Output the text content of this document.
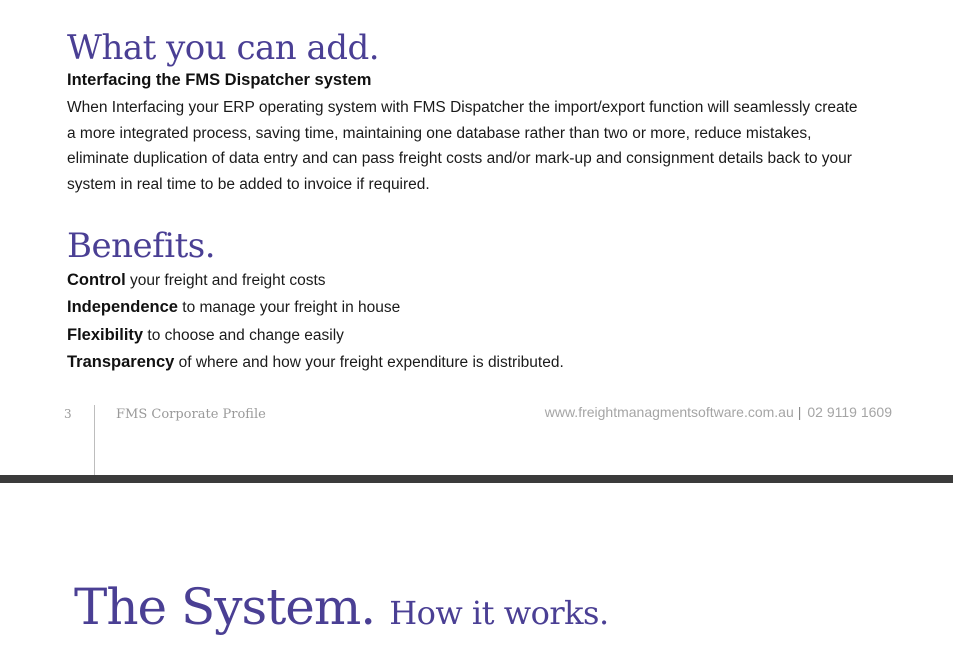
What you can add.
Interfacing the FMS Dispatcher system

When Interfacing your ERP operating system with FMS Dispatcher the import/export function will seamlessly create a more integrated process, saving time, maintaining one database rather than two or more, reduce mistakes, eliminate duplication of data entry and can pass freight costs and/or mark-up and consignment details back to your system in real time to be added to invoice if required.

Benefits.
Control your freight and freight costs
Independence to manage your freight in house
Flexibility to choose and change easily
Transparency of where and how your freight expenditure is distributed.
3	FMS Corporate Profile	www.freightmanagmentsoftware.com.au | 02 9119 1609
The System. How it works.
